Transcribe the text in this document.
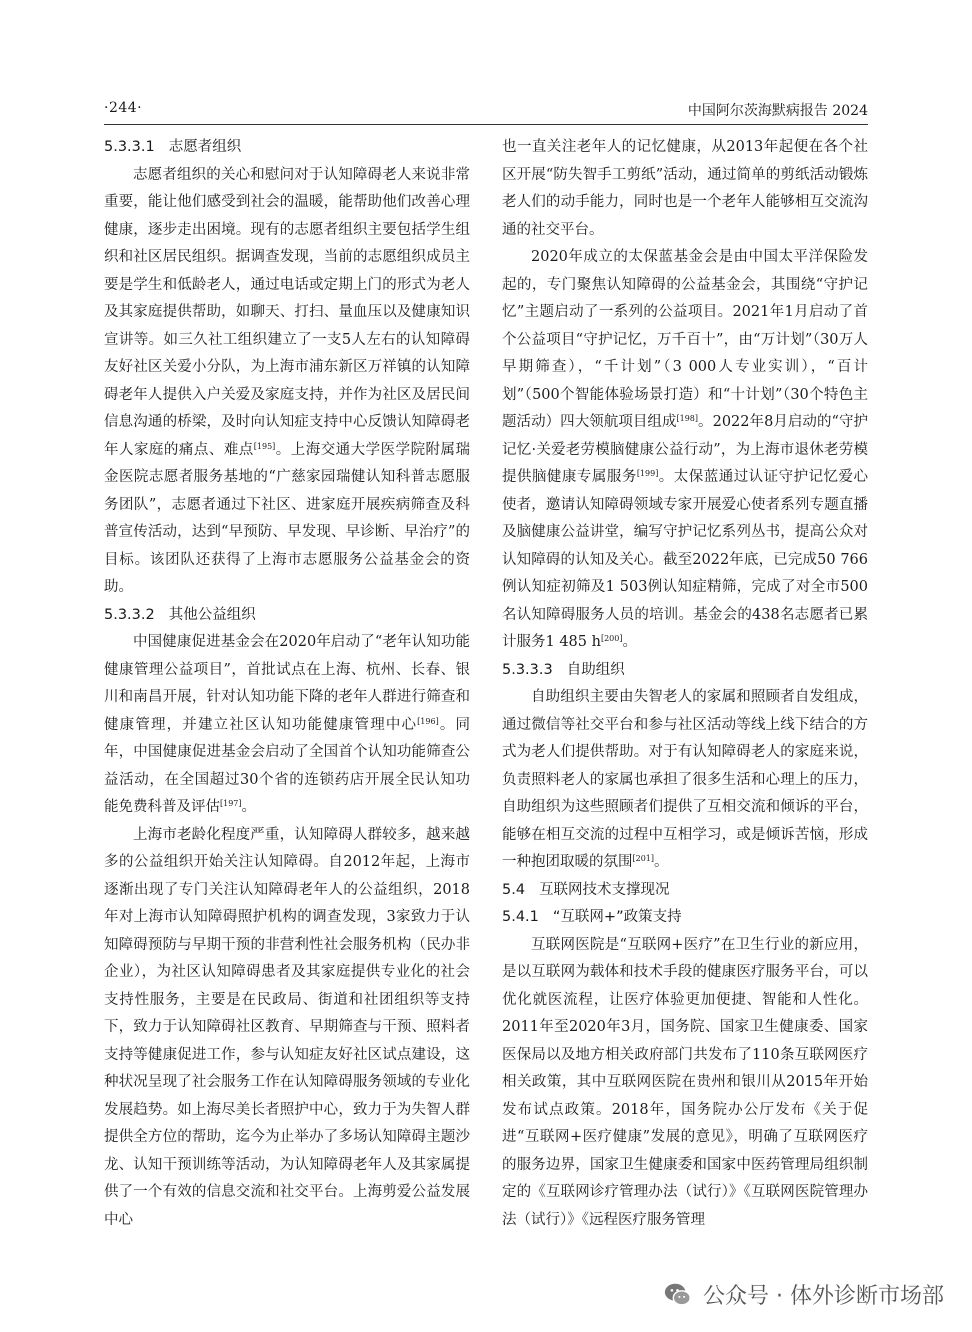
·244·	中国阿尔茨海默病报告 2024
5.3.3.1 志愿者组织

志愿者组织的关心和慰问对于认知障碍老人来说非常重要，能让他们感受到社会的温暖，能帮助他们改善心理健康，逐步走出困境。现有的志愿者组织主要包括学生组织和社区居民组织。据调查发现，当前的志愿组织成员主要是学生和低龄老人，通过电话或定期上门的形式为老人及其家庭提供帮助，如聊天、打扫、量血压以及健康知识宣讲等。如三久社工组织建立了一支5人左右的认知障碍友好社区关爱小分队，为上海市浦东新区万祥镇的认知障碍老年人提供入户关爱及家庭支持，并作为社区及居民间信息沟通的桥梁，及时向认知症支持中心反馈认知障碍老年人家庭的痛点、难点[195]。上海交通大学医学院附属瑞金医院志愿者服务基地的“广慈家园瑞健认知科普志愿服务团队”，志愿者通过下社区、进家庭开展疾病筛查及科普宣传活动，达到“早预防、早发现、早诊断、早治疗”的目标。该团队还获得了上海市志愿服务公益基金会的资助。

5.3.3.2 其他公益组织

中国健康促进基金会在2020年启动了“老年认知功能健康管理公益项目”，首批试点在上海、杭州、长春、银川和南昌开展，针对认知功能下降的老年人群进行筛查和健康管理，并建立社区认知功能健康管理中心[196]。同年，中国健康促进基金会启动了全国首个认知功能筛查公益活动，在全国超过30个省的连锁药店开展全民认知功能免费科普及评估[197]。

上海市老龄化程度严重，认知障碍人群较多，越来越多的公益组织开始关注认知障碍。自2012年起，上海市逐渐出现了专门关注认知障碍老年人的公益组织，2018年对上海市认知障碍照护机构的调查发现，3家致力于认知障碍预防与早期干预的非营利性社会服务机构（民办非企业），为社区认知障碍患者及其家庭提供专业化的社会支持性服务，主要是在民政局、街道和社团组织等支持下，致力于认知障碍社区教育、早期筛查与干预、照料者支持等健康促进工作，参与认知症友好社区试点建设，这种状况呈现了社会服务工作在认知障碍服务领域的专业化发展趋势。如上海尽美长者照护中心，致力于为失智人群提供全方位的帮助，迄今为止举办了多场认知障碍主题沙龙、认知干预训练等活动，为认知障碍老年人及其家属提供了一个有效的信息交流和社交平台。上海剪爱公益发展中心

也一直关注老年人的记忆健康，从2013年起便在各个社区开展“防失智手工剪纸”活动，通过简单的剪纸活动锻炼老人们的动手能力，同时也是一个老年人能够相互交流沟通的社交平台。

2020年成立的太保蓝基金会是由中国太平洋保险发起的，专门聚焦认知障碍的公益基金会，其围绕“守护记忆”主题启动了一系列的公益项目。2021年1月启动了首个公益项目“守护记忆，万千百十”，由“万计划”（30万人早期筛查），“千计划”（3 000人专业实训），“百计划”（500个智能体验场景打造）和“十计划”（30个特色主题活动）四大领航项目组成[198]。2022年8月启动的“守护记忆·关爱老劳模脑健康公益行动”，为上海市退休老劳模提供脑健康专属服务[199]。太保蓝通过认证守护记忆爱心使者，邀请认知障碍领域专家开展爱心使者系列专题直播及脑健康公益讲堂，编写守护记忆系列丛书，提高公众对认知障碍的认知及关心。截至2022年底，已完成50 766例认知症初筛及1 503例认知症精筛，完成了对全市500名认知障碍服务人员的培训。基金会的438名志愿者已累计服务1 485 h[200]。

5.3.3.3 自助组织

自助组织主要由失智老人的家属和照顾者自发组成，通过微信等社交平台和参与社区活动等线上线下结合的方式为老人们提供帮助。对于有认知障碍老人的家庭来说，负责照料老人的家属也承担了很多生活和心理上的压力，自助组织为这些照顾者们提供了互相交流和倾诉的平台，能够在相互交流的过程中互相学习，或是倾诉苦恼，形成一种抱团取暖的氛围[201]。

5.4 互联网技术支撑现况
5.4.1 “互联网+”政策支持

互联网医院是“互联网+医疗”在卫生行业的新应用，是以互联网为载体和技术手段的健康医疗服务平台，可以优化就医流程，让医疗体验更加便捷、智能和人性化。2011年至2020年3月，国务院、国家卫生健康委、国家医保局以及地方相关政府部门共发布了110条互联网医疗相关政策，其中互联网医院在贵州和银川从2015年开始发布试点政策。2018年，国务院办公厅发布《关于促进“互联网+医疗健康”发展的意见》，明确了互联网医疗的服务边界，国家卫生健康委和国家中医药管理局组织制定的《互联网诊疗管理办法（试行）》《互联网医院管理办法（试行）》《远程医疗服务管理

公众号 · 体外诊断市场部
